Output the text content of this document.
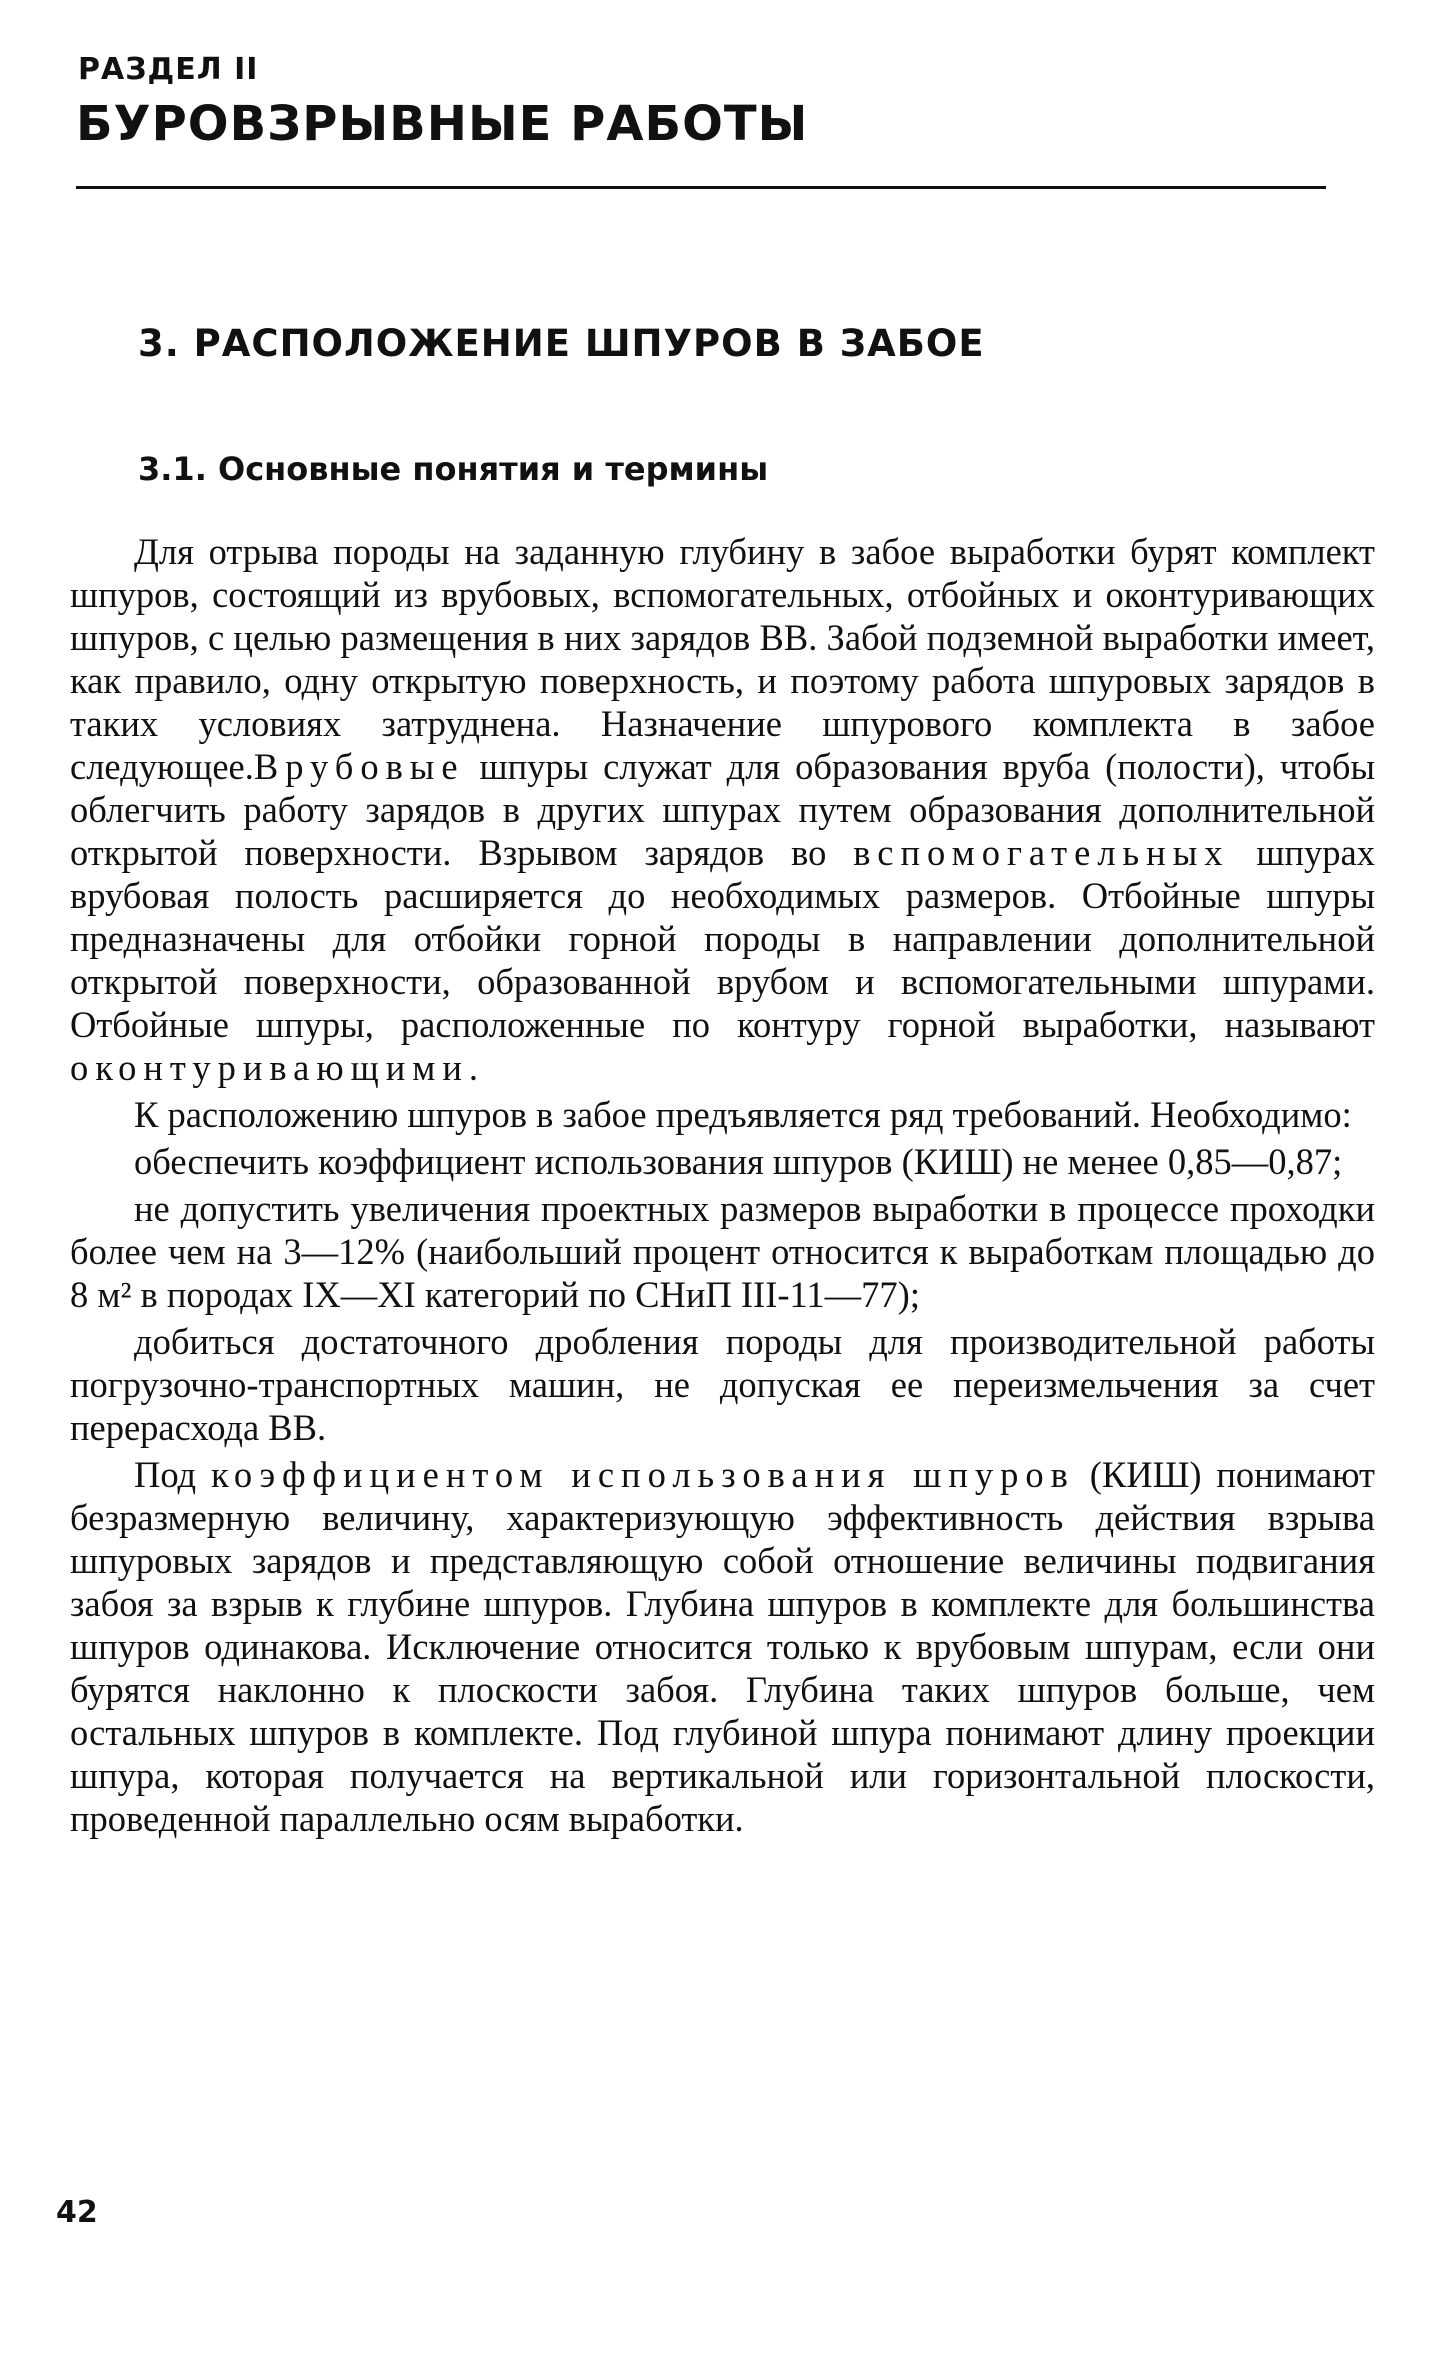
РАЗДЕЛ II
БУРОВЗРЫВНЫЕ РАБОТЫ
3. РАСПОЛОЖЕНИЕ ШПУРОВ В ЗАБОЕ
3.1. Основные понятия и термины

Для отрыва породы на заданную глубину в забое выработки бурят комплект шпуров, состоящий из врубовых, вспомогательных, отбойных и оконтуривающих шпуров, с целью размещения в них зарядов ВВ. Забой подземной выработки имеет, как правило, одну открытую поверхность, и поэтому работа шпуровых зарядов в таких условиях затруднена. Назначение шпурового комплекта в забое следующее.Врубовые шпуры служат для образования вруба (полости), чтобы облегчить работу зарядов в других шпурах путем образования дополнительной открытой поверхности. Взрывом зарядов во вспомогательных шпурах врубовая полость расширяется до необходимых размеров. Отбойные шпуры предназначены для отбойки горной породы в направлении дополнительной открытой поверхности, образованной врубом и вспомогательными шпурами. Отбойные шпуры, расположенные по контуру горной выработки, называют оконтуривающими.

К расположению шпуров в забое предъявляется ряд требований. Необходимо:

обеспечить коэффициент использования шпуров (КИШ) не менее 0,85—0,87;

не допустить увеличения проектных размеров выработки в процессе проходки более чем на 3—12% (наибольший процент относится к выработкам площадью до 8 м² в породах IX—XI категорий по СНиП III-11—77);

добиться достаточного дробления породы для производительной работы погрузочно-транспортных машин, не допуская ее переизмельчения за счет перерасхода ВВ.

Под коэффициентом использования шпуров (КИШ) понимают безразмерную величину, характеризующую эффективность действия взрыва шпуровых зарядов и представляющую собой отношение величины подвигания забоя за взрыв к глубине шпуров. Глубина шпуров в комплекте для большинства шпуров одинакова. Исключение относится только к врубовым шпурам, если они бурятся наклонно к плоскости забоя. Глубина таких шпуров больше, чем остальных шпуров в комплекте. Под глубиной шпура понимают длину проекции шпура, которая получается на вертикальной или горизонтальной плоскости, проведенной параллельно осям выработки.

42
